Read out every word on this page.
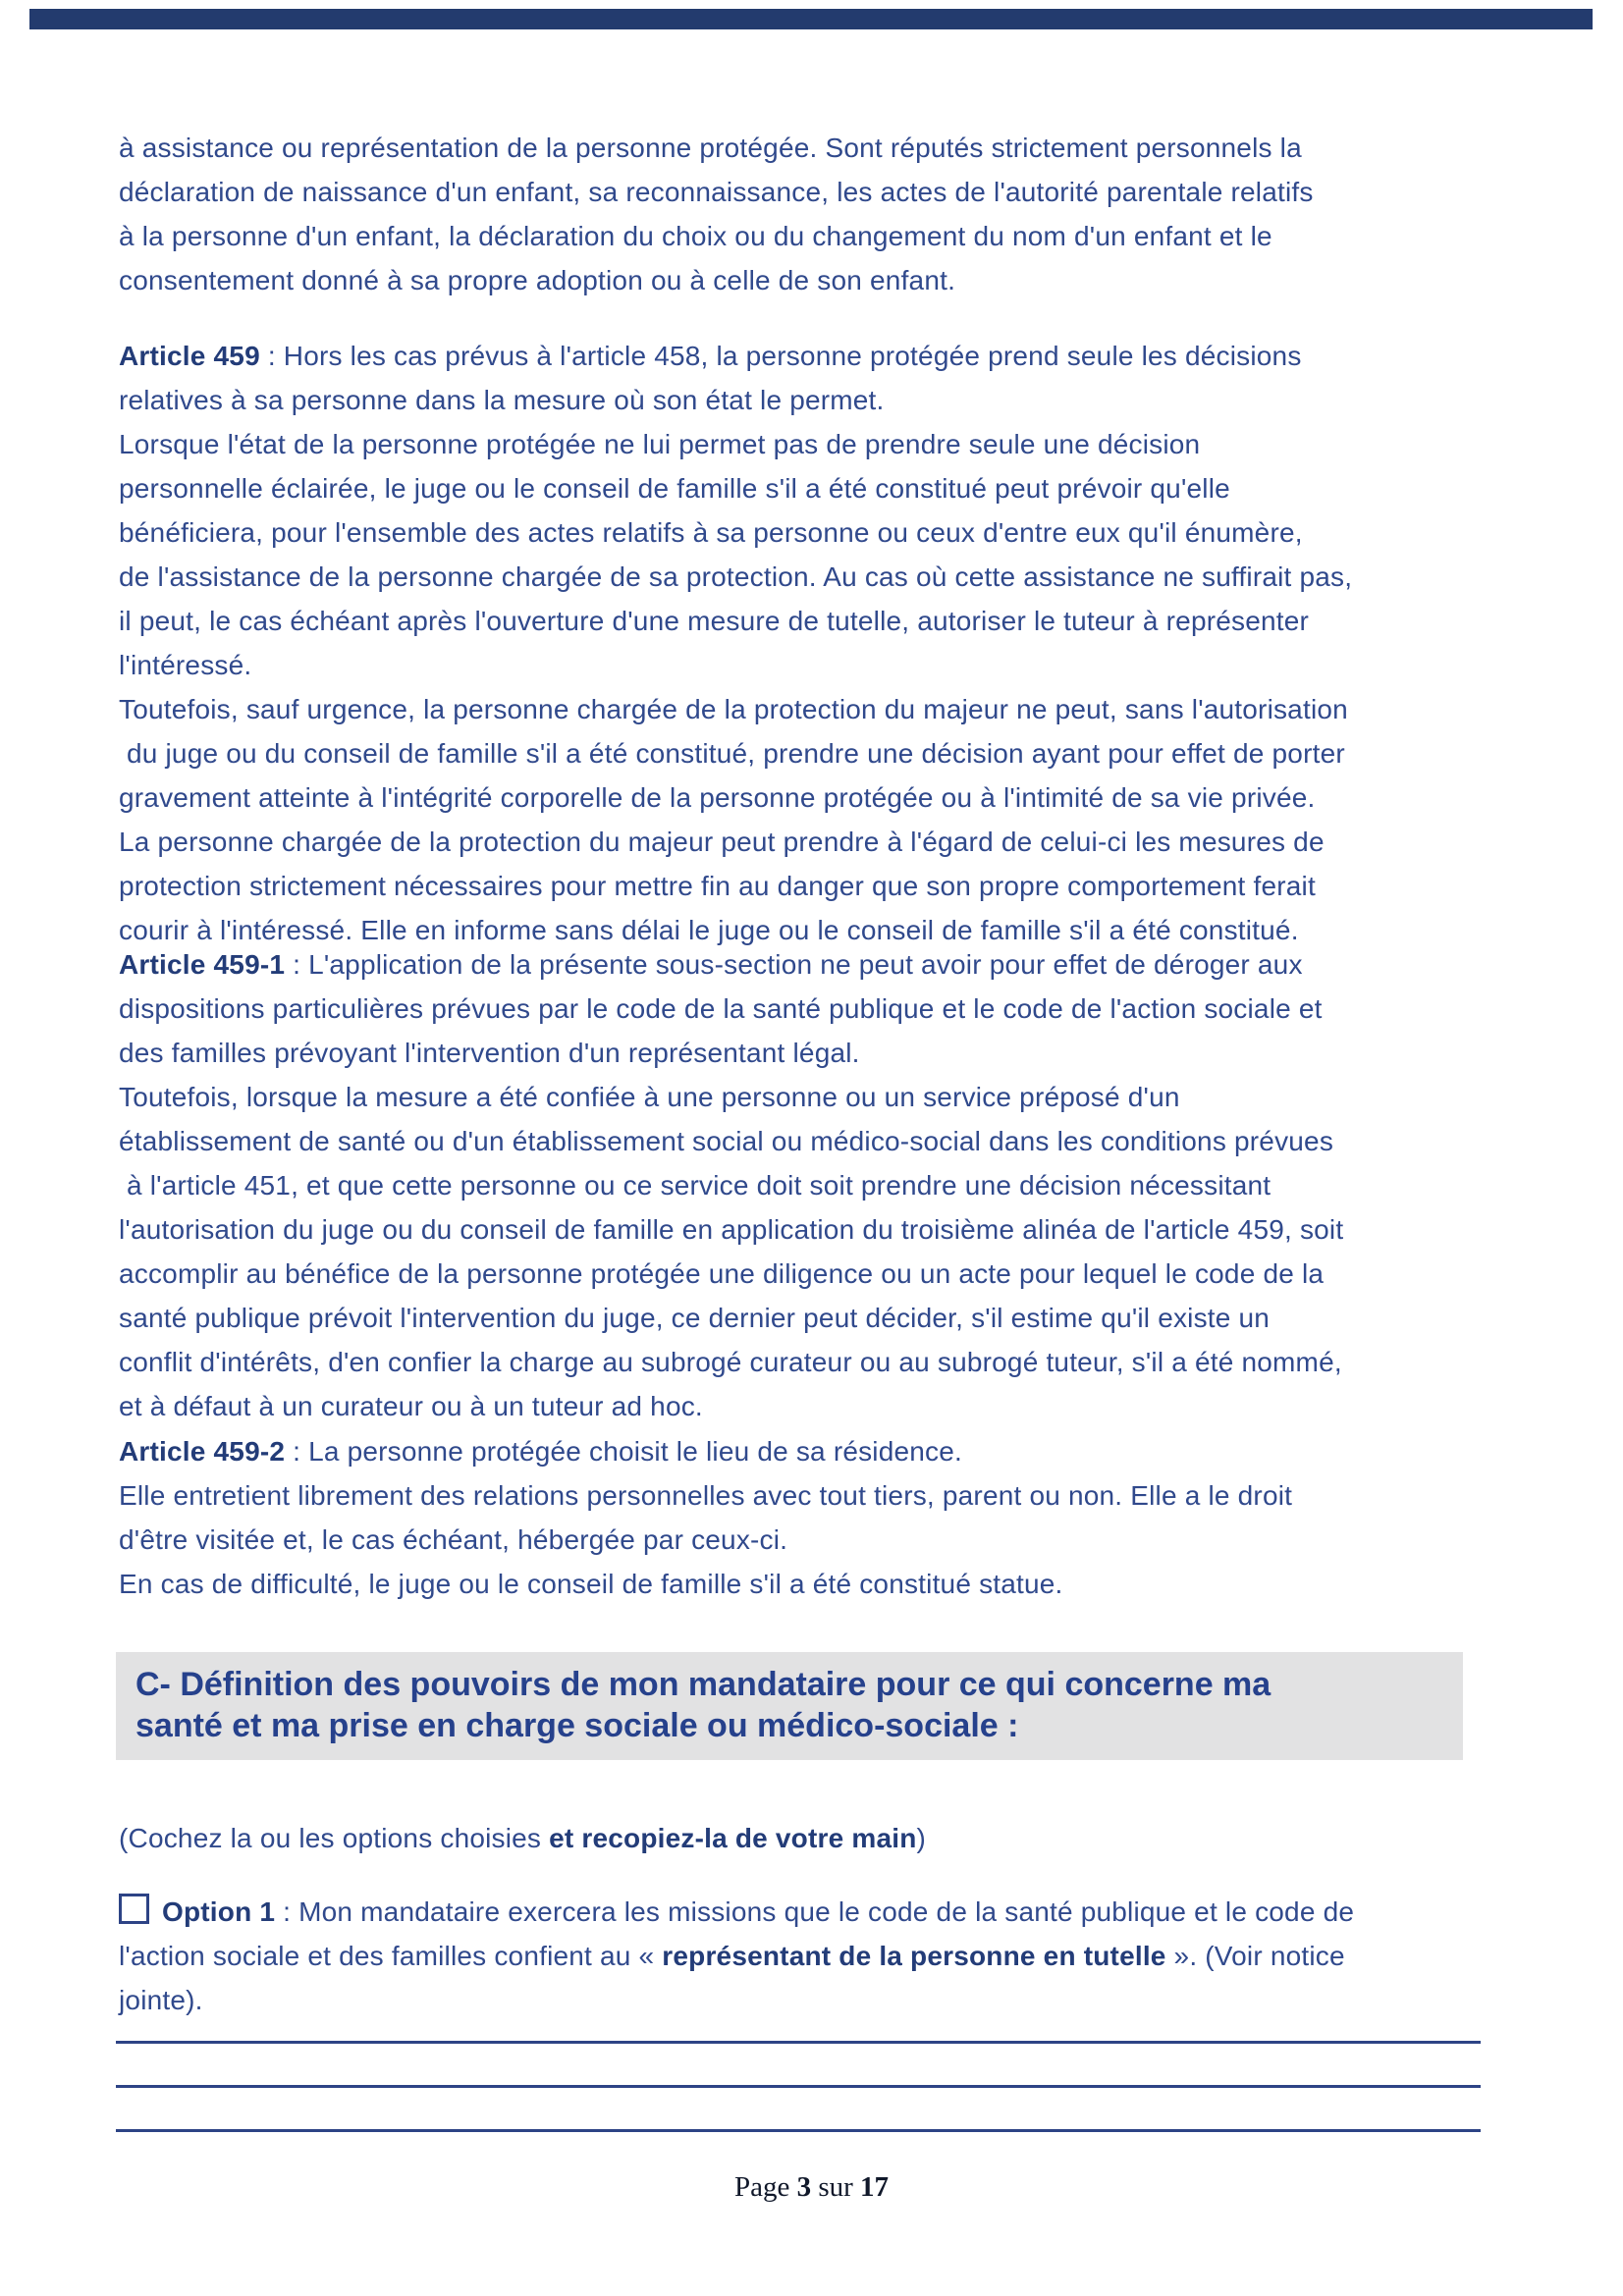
à assistance ou représentation de la personne protégée. Sont réputés strictement personnels la
déclaration de naissance d'un enfant, sa reconnaissance, les actes de l'autorité parentale relatifs
à la personne d'un enfant, la déclaration du choix ou du changement du nom d'un enfant et le
consentement donné à sa propre adoption ou à celle de son enfant.
Article 459 : Hors les cas prévus à l'article 458, la personne protégée prend seule les décisions
relatives à sa personne dans la mesure où son état le permet.
Lorsque l'état de la personne protégée ne lui permet pas de prendre seule une décision
personnelle éclairée, le juge ou le conseil de famille s'il a été constitué peut prévoir qu'elle
bénéficiera, pour l'ensemble des actes relatifs à sa personne ou ceux d'entre eux qu'il énumère,
de l'assistance de la personne chargée de sa protection. Au cas où cette assistance ne suffirait pas,
il peut, le cas échéant après l'ouverture d'une mesure de tutelle, autoriser le tuteur à représenter
l'intéressé.
Toutefois, sauf urgence, la personne chargée de la protection du majeur ne peut, sans l'autorisation
du juge ou du conseil de famille s'il a été constitué, prendre une décision ayant pour effet de porter
gravement atteinte à l'intégrité corporelle de la personne protégée ou à l'intimité de sa vie privée.
La personne chargée de la protection du majeur peut prendre à l'égard de celui-ci les mesures de
protection strictement nécessaires pour mettre fin au danger que son propre comportement ferait
courir à l'intéressé. Elle en informe sans délai le juge ou le conseil de famille s'il a été constitué.
Article 459-1 : L'application de la présente sous-section ne peut avoir pour effet de déroger aux
dispositions particulières prévues par le code de la santé publique et le code de l'action sociale et
des familles prévoyant l'intervention d'un représentant légal.
Toutefois, lorsque la mesure a été confiée à une personne ou un service préposé d'un
établissement de santé ou d'un établissement social ou médico-social dans les conditions prévues
à l'article 451, et que cette personne ou ce service doit soit prendre une décision nécessitant
l'autorisation du juge ou du conseil de famille en application du troisième alinéa de l'article 459, soit
accomplir au bénéfice de la personne protégée une diligence ou un acte pour lequel le code de la
santé publique prévoit l'intervention du juge, ce dernier peut décider, s'il estime qu'il existe un
conflit d'intérêts, d'en confier la charge au subrogé curateur ou au subrogé tuteur, s'il a été nommé,
et à défaut à un curateur ou à un tuteur ad hoc.
Article 459-2 : La personne protégée choisit le lieu de sa résidence.
Elle entretient librement des relations personnelles avec tout tiers, parent ou non. Elle a le droit
d'être visitée et, le cas échéant, hébergée par ceux-ci.
En cas de difficulté, le juge ou le conseil de famille s'il a été constitué statue.
C- Définition des pouvoirs de mon mandataire pour ce qui concerne ma
santé et ma prise en charge sociale ou médico-sociale :
(Cochez la ou les options choisies et recopiez-la de votre main)
Option 1 : Mon mandataire exercera les missions que le code de la santé publique et le code de
l'action sociale et des familles confient au « représentant de la personne en tutelle ». (Voir notice
jointe).
Page 3 sur 17
